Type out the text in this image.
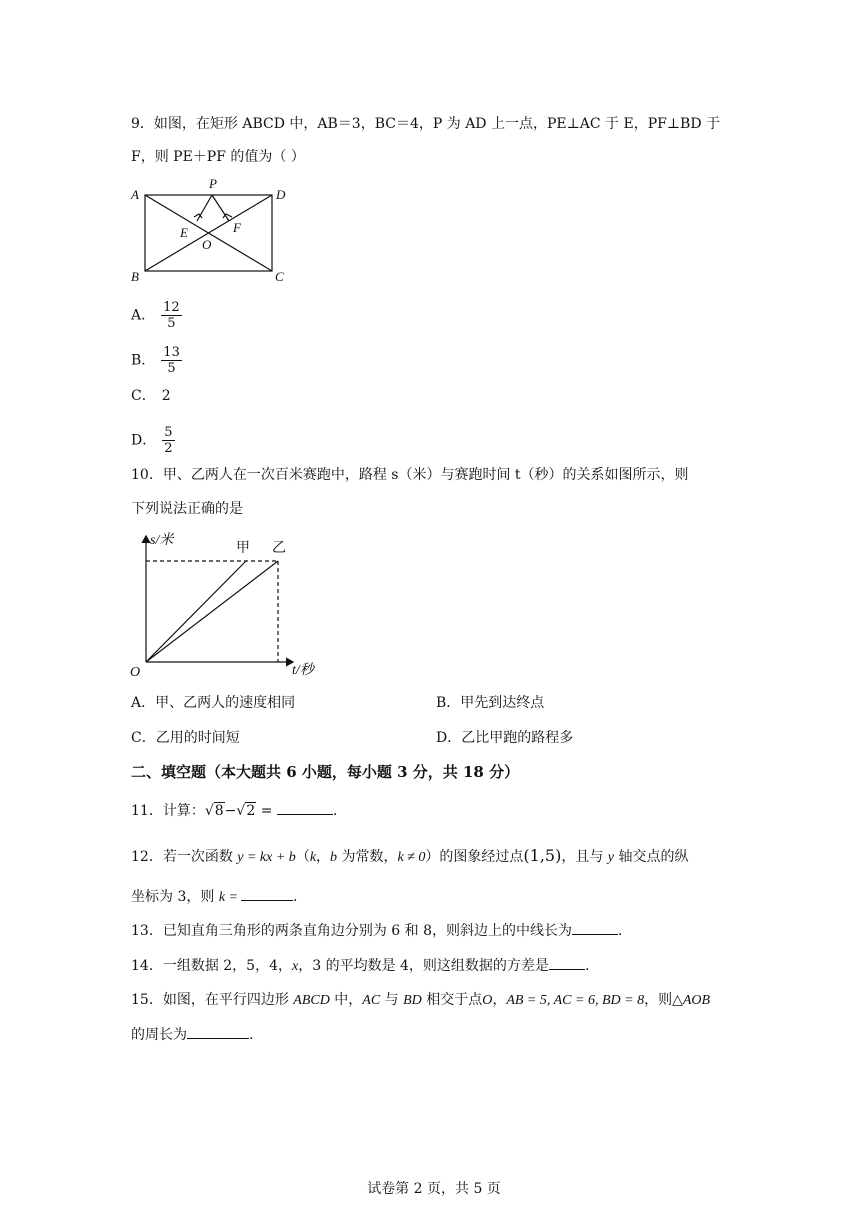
9．如图，在矩形 ABCD 中，AB＝3，BC＝4，P 为 AD 上一点，PE⊥AC 于 E，PF⊥BD 于
F，则 PE＋PF 的值为（ ）
A	D
B	C
P
E	F
O
A． $\frac{12}{5}$
B． $\frac{13}{5}$
C． 2
D． $\frac{5}{2}$
10．甲、乙两人在一次百米赛跑中，路程 s（米）与赛跑时间 t（秒）的关系如图所示，则
下列说法正确的是
s/米
t/秒
O
甲 乙
A．甲、乙两人的速度相同	B．甲先到达终点
C．乙用的时间短	D．乙比甲跑的路程多
二、填空题（本大题共 6 小题，每小题 3 分，共 18 分）
11．计算：√8−√2 =	.
12．若一次函数 y = kx + b（k，b 为常数，k ≠ 0）的图象经过点(1,5)，且与 y 轴交点的纵
坐标为 3，则 k =	.
13．已知直角三角形的两条直角边分别为 6 和 8，则斜边上的中线长为	.
14．一组数据 2，5，4，x，3 的平均数是 4，则这组数据的方差是	.
15．如图，在平行四边形 ABCD 中，AC 与 BD 相交于点O，AB = 5, AC = 6, BD = 8，则△AOB
的周长为	.
试卷第 2 页，共 5 页
